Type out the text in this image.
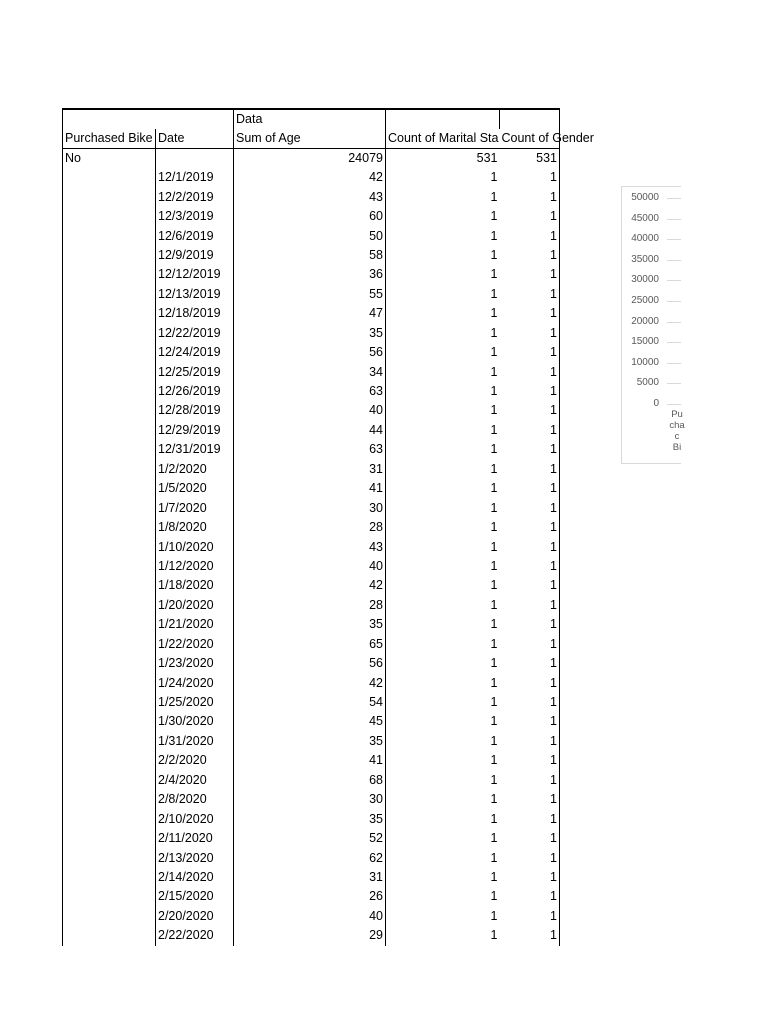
		Data		
Purchased Bike	Date	Sum of Age	Count of Marital Sta	Count of Gender
No		24079	531	531
	12/1/2019	42	1	1
	12/2/2019	43	1	1
	12/3/2019	60	1	1
	12/6/2019	50	1	1
	12/9/2019	58	1	1
	12/12/2019	36	1	1
	12/13/2019	55	1	1
	12/18/2019	47	1	1
	12/22/2019	35	1	1
	12/24/2019	56	1	1
	12/25/2019	34	1	1
	12/26/2019	63	1	1
	12/28/2019	40	1	1
	12/29/2019	44	1	1
	12/31/2019	63	1	1
	1/2/2020	31	1	1
	1/5/2020	41	1	1
	1/7/2020	30	1	1
	1/8/2020	28	1	1
	1/10/2020	43	1	1
	1/12/2020	40	1	1
	1/18/2020	42	1	1
	1/20/2020	28	1	1
	1/21/2020	35	1	1
	1/22/2020	65	1	1
	1/23/2020	56	1	1
	1/24/2020	42	1	1
	1/25/2020	54	1	1
	1/30/2020	45	1	1
	1/31/2020	35	1	1
	2/2/2020	41	1	1
	2/4/2020	68	1	1
	2/8/2020	30	1	1
	2/10/2020	35	1	1
	2/11/2020	52	1	1
	2/13/2020	62	1	1
	2/14/2020	31	1	1
	2/15/2020	26	1	1
	2/20/2020	40	1	1
	2/22/2020	29	1	1
50000
45000
40000
35000
30000
25000
20000
15000
10000
5000
0
Pu
cha
c
Bi
